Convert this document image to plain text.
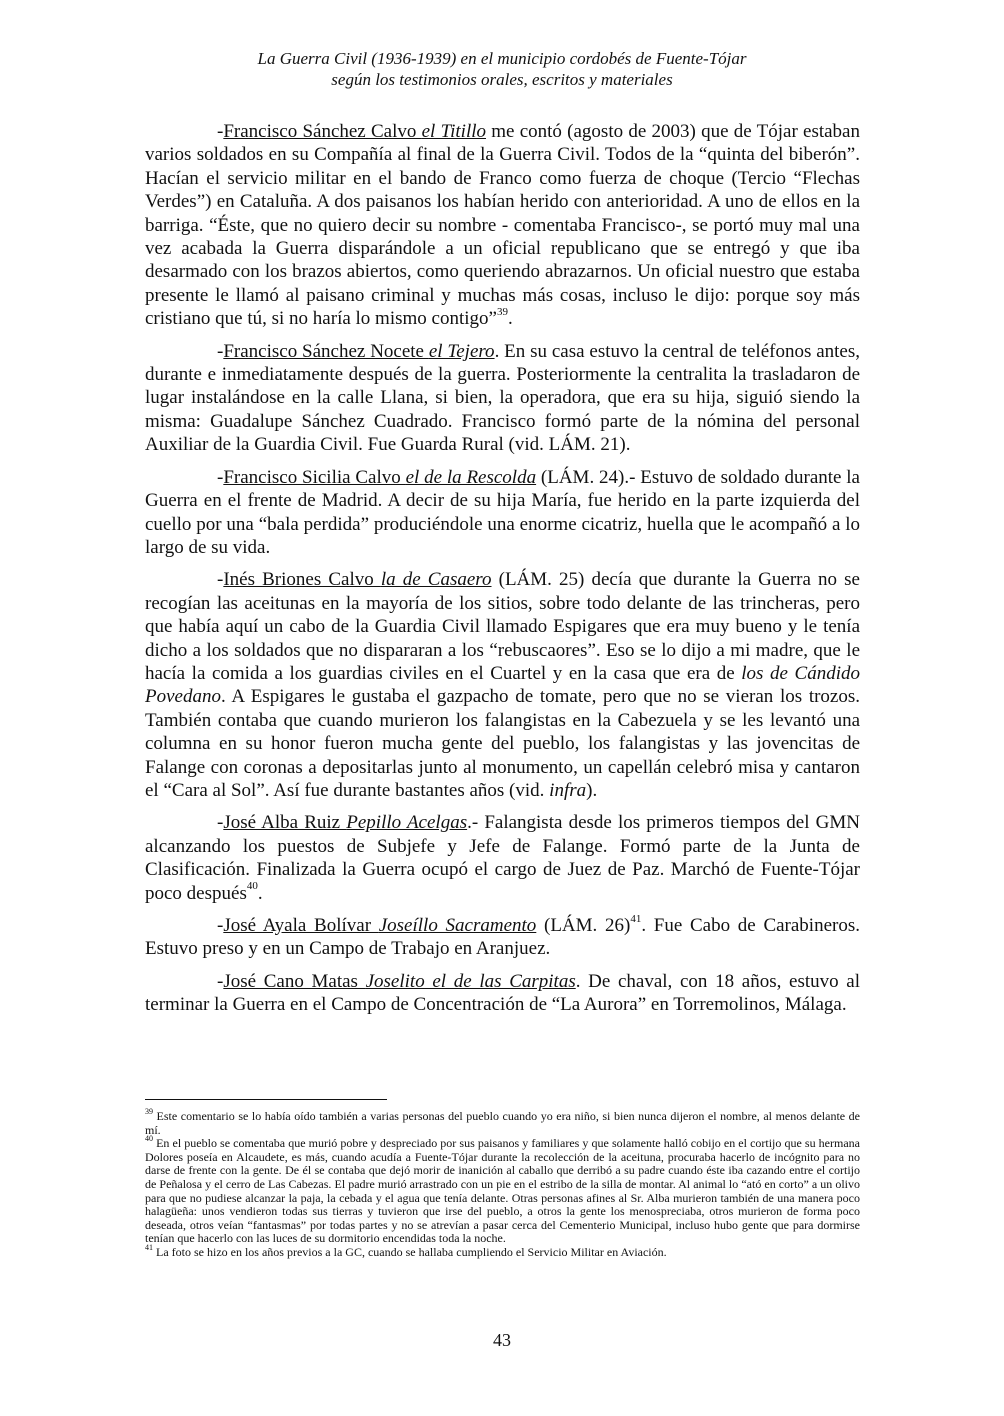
La Guerra Civil (1936-1939) en el municipio cordobés de Fuente-Tójar
según los testimonios orales, escritos y materiales

-Francisco Sánchez Calvo el Titillo me contó (agosto de 2003) que de Tójar estaban varios soldados en su Compañía al final de la Guerra Civil. Todos de la “quinta del biberón”. Hacían el servicio militar en el bando de Franco como fuerza de choque (Tercio “Flechas Verdes”) en Cataluña. A dos paisanos los habían herido con anterioridad. A uno de ellos en la barriga. “Éste, que no quiero decir su nombre - comentaba Francisco-, se portó muy mal una vez acabada la Guerra disparándole a un oficial republicano que se entregó y que iba desarmado con los brazos abiertos, como queriendo abrazarnos. Un oficial nuestro que estaba presente le llamó al paisano criminal y muchas más cosas, incluso le dijo: porque soy más cristiano que tú, si no haría lo mismo contigo”$^{39}$.

-Francisco Sánchez Nocete el Tejero. En su casa estuvo la central de teléfonos antes, durante e inmediatamente después de la guerra. Posteriormente la centralita la trasladaron de lugar instalándose en la calle Llana, si bien, la operadora, que era su hija, siguió siendo la misma: Guadalupe Sánchez Cuadrado. Francisco formó parte de la nómina del personal Auxiliar de la Guardia Civil. Fue Guarda Rural (vid. LÁM. 21).

-Francisco Sicilia Calvo el de la Rescolda (LÁM. 24).- Estuvo de soldado durante la Guerra en el frente de Madrid. A decir de su hija María, fue herido en la parte izquierda del cuello por una “bala perdida” produciéndole una enorme cicatriz, huella que le acompañó a lo largo de su vida.

-Inés Briones Calvo la de Casaero (LÁM. 25) decía que durante la Guerra no se recogían las aceitunas en la mayoría de los sitios, sobre todo delante de las trincheras, pero que había aquí un cabo de la Guardia Civil llamado Espigares que era muy bueno y le tenía dicho a los soldados que no dispararan a los “rebuscaores”. Eso se lo dijo a mi madre, que le hacía la comida a los guardias civiles en el Cuartel y en la casa que era de los de Cándido Povedano. A Espigares le gustaba el gazpacho de tomate, pero que no se vieran los trozos. También contaba que cuando murieron los falangistas en la Cabezuela y se les levantó una columna en su honor fueron mucha gente del pueblo, los falangistas y las jovencitas de Falange con coronas a depositarlas junto al monumento, un capellán celebró misa y cantaron el “Cara al Sol”. Así fue durante bastantes años (vid. infra).

-José Alba Ruiz Pepillo Acelgas.- Falangista desde los primeros tiempos del GMN alcanzando los puestos de Subjefe y Jefe de Falange. Formó parte de la Junta de Clasificación. Finalizada la Guerra ocupó el cargo de Juez de Paz. Marchó de Fuente-Tójar poco después$^{40}$.

-José Ayala Bolívar Joseíllo Sacramento (LÁM. 26)$^{41}$. Fue Cabo de Carabineros. Estuvo preso y en un Campo de Trabajo en Aranjuez.

-José Cano Matas Joselito el de las Carpitas. De chaval, con 18 años, estuvo al terminar la Guerra en el Campo de Concentración de “La Aurora” en Torremolinos, Málaga.

$^{39}$ Este comentario se lo había oído también a varias personas del pueblo cuando yo era niño, si bien nunca dijeron el nombre, al menos delante de mí.

$^{40}$ En el pueblo se comentaba que murió pobre y despreciado por sus paisanos y familiares y que solamente halló cobijo en el cortijo que su hermana Dolores poseía en Alcaudete, es más, cuando acudía a Fuente-Tójar durante la recolección de la aceituna, procuraba hacerlo de incógnito para no darse de frente con la gente. De él se contaba que dejó morir de inanición al caballo que derribó a su padre cuando éste iba cazando entre el cortijo de Peñalosa y el cerro de Las Cabezas. El padre murió arrastrado con un pie en el estribo de la silla de montar. Al animal lo “ató en corto” a un olivo para que no pudiese alcanzar la paja, la cebada y el agua que tenía delante. Otras personas afines al Sr. Alba murieron también de una manera poco halagüeña: unos vendieron todas sus tierras y tuvieron que irse del pueblo, a otros la gente los menospreciaba, otros murieron de forma poco deseada, otros veían “fantasmas” por todas partes y no se atrevían a pasar cerca del Cementerio Municipal, incluso hubo gente que para dormirse tenían que hacerlo con las luces de su dormitorio encendidas toda la noche.

$^{41}$ La foto se hizo en los años previos a la GC, cuando se hallaba cumpliendo el Servicio Militar en Aviación.

43
